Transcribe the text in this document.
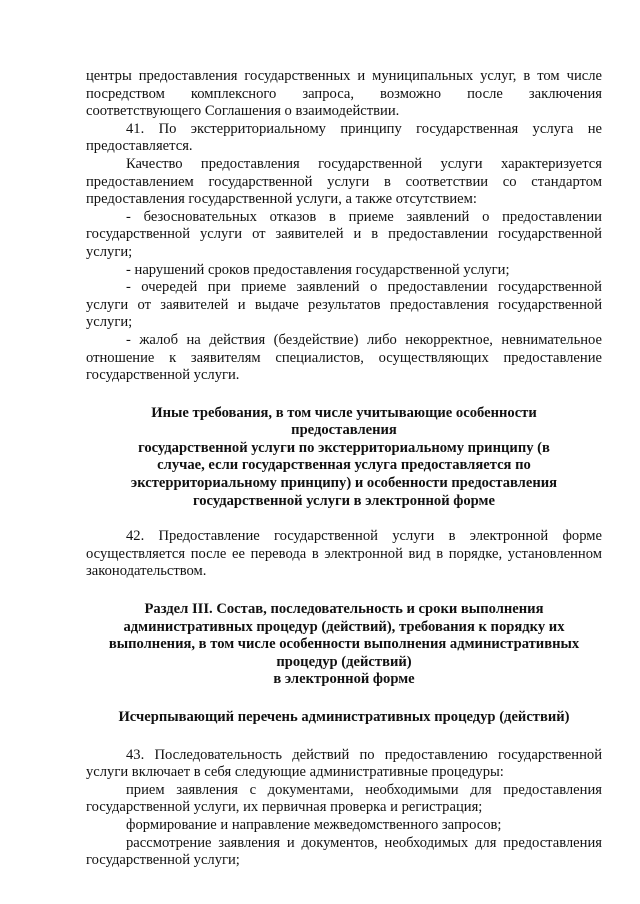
центры предоставления государственных и муниципальных услуг, в том числе
посредством комплексного запроса, возможно после заключения
соответствующего Соглашения о взаимодействии.
41. По экстерриториальному принципу государственная услуга не
предоставляется.
Качество предоставления государственной услуги характеризуется
предоставлением государственной услуги в соответствии со стандартом
предоставления государственной услуги, а также отсутствием:
- безосновательных отказов в приеме заявлений о предоставлении
государственной услуги от заявителей и в предоставлении государственной
услуги;
- нарушений сроков предоставления государственной услуги;
- очередей при приеме заявлений о предоставлении государственной
услуги от заявителей и выдаче результатов предоставления государственной
услуги;
- жалоб на действия (бездействие) либо некорректное, невнимательное
отношение к заявителям специалистов, осуществляющих предоставление
государственной услуги.
Иные требования, в том числе учитывающие особенности
предоставления
государственной услуги по экстерриториальному принципу (в
случае, если государственная услуга предоставляется по
экстерриториальному принципу) и особенности предоставления
государственной услуги в электронной форме
42. Предоставление государственной услуги в электронной форме
осуществляется после ее перевода в электронной вид в порядке, установленном
законодательством.
Раздел III. Состав, последовательность и сроки выполнения
административных процедур (действий), требования к порядку их
выполнения, в том числе особенности выполнения административных
процедур (действий)
в электронной форме
Исчерпывающий перечень административных процедур (действий)
43. Последовательность действий по предоставлению государственной
услуги включает в себя следующие административные процедуры:
прием заявления с документами, необходимыми для предоставления
государственной услуги, их первичная проверка и регистрация;
формирование и направление межведомственного запросов;
рассмотрение заявления и документов, необходимых для предоставления
государственной услуги;
